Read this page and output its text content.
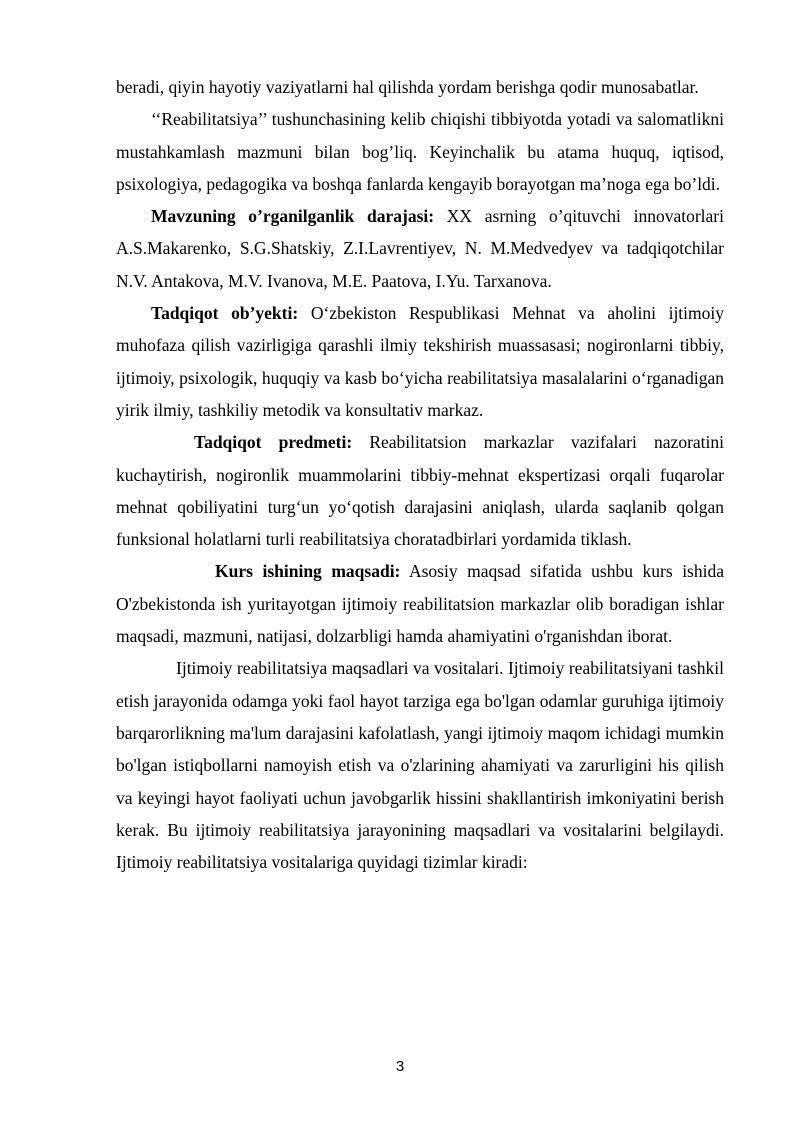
beradi, qiyin hayotiy vaziyatlarni hal qilishda yordam berishga qodir munosabatlar.

‘‘Reabilitatsiya’’ tushunchasining kelib chiqishi tibbiyotda yotadi va salomatlikni mustahkamlash mazmuni bilan bog’liq. Keyinchalik bu atama huquq, iqtisod, psixologiya, pedagogika va boshqa fanlarda kengayib borayotgan ma’noga ega bo’ldi.

Mavzuning o’rganilganlik darajasi: XX asrning o’qituvchi innovatorlari A.S.Makarenko, S.G.Shatskiy, Z.I.Lavrentiyev, N. M.Medvedyev va tadqiqotchilar N.V. Antakova, M.V. Ivanova, M.E. Paatova, I.Yu. Tarxanova.

Tadqiqot ob’yekti: O‘zbekiston Respublikasi Mehnat va aholini ijtimoiy muhofaza qilish vazirligiga qarashli ilmiy tekshirish muassasasi; nogironlarni tibbiy, ijtimoiy, psixologik, huquqiy va kasb bo‘yicha reabilitatsiya masalalarini o‘rganadigan yirik ilmiy, tashkiliy metodik va konsultativ markaz.

Tadqiqot predmeti: Reabilitatsion markazlar vazifalari nazoratini kuchaytirish, nogironlik muammolarini tibbiy-mehnat ekspertizasi orqali fuqarolar mehnat qobiliyatini turg‘un yo‘qotish darajasini aniqlash, ularda saqlanib qolgan funksional holatlarni turli reabilitatsiya choratadbirlari yordamida tiklash.

Kurs ishining maqsadi: Asosiy maqsad sifatida ushbu kurs ishida O'zbekistonda ish yuritayotgan ijtimoiy reabilitatsion markazlar olib boradigan ishlar maqsadi, mazmuni, natijasi, dolzarbligi hamda ahamiyatini o'rganishdan iborat.

Ijtimoiy reabilitatsiya maqsadlari va vositalari. Ijtimoiy reabilitatsiyani tashkil etish jarayonida odamga yoki faol hayot tarziga ega bo'lgan odamlar guruhiga ijtimoiy barqarorlikning ma'lum darajasini kafolatlash, yangi ijtimoiy maqom ichidagi mumkin bo'lgan istiqbollarni namoyish etish va o'zlarining ahamiyati va zarurligini his qilish va keyingi hayot faoliyati uchun javobgarlik hissini shakllantirish imkoniyatini berish kerak. Bu ijtimoiy reabilitatsiya jarayonining maqsadlari va vositalarini belgilaydi. Ijtimoiy reabilitatsiya vositalariga quyidagi tizimlar kiradi:

3
